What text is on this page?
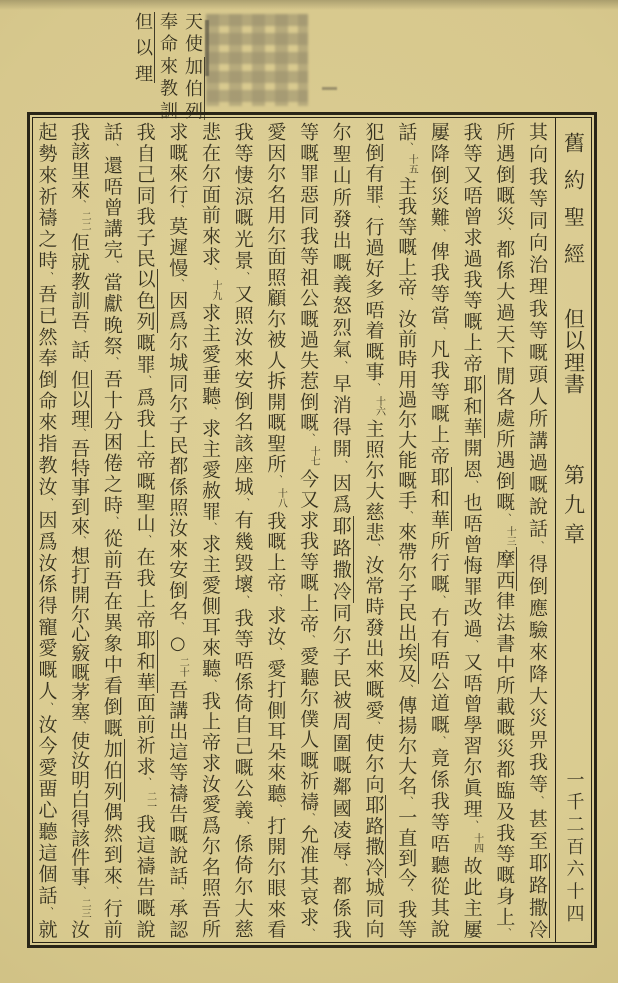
天使加伯列
奉命來教訓
但以理
其向我等同向治理我等嘅頭人所講過嘅說話、得倒應驗來降大災畀我等、甚至耶路撒冷
所遇倒嘅災、都係大過天下閒各處所遇倒嘅、十三摩西律法書中所載嘅災都臨及我等嘅身上、
我等又唔曾求過我等嘅上帝耶和華開恩、也唔曾悔罪改過、又唔曾學習尔眞理、十四故此主屢
屢降倒災難、俾我等當、凡我等嘅上帝耶和華所行嘅、冇有唔公道嘅、竟係我等唔聽從其說
話、十五主我等嘅上帝、汝前時用過尔大能嘅手、來帶尔子民出埃及、傳揚尔大名、一直到今、我等
犯倒有罪、行過好多唔着嘅事、十六主照尔大慈悲、汝常時發出來嘅愛、使尔向耶路撒冷城同向
尔聖山所發出嘅義怒烈氣、早消得開、因爲耶路撒冷同尔子民被周圍嘅鄰國凌辱、都係我
等嘅罪惡同我等祖公嘅過失惹倒嘅、十七今又求我等嘅上帝、愛聽尔僕人嘅祈禱、允准其哀求、
愛因尔名用尔面照顧尔被人拆開嘅聖所、十八我嘅上帝、求汝、愛打側耳朵來聽、打開尔眼來看
我等悽涼嘅光景、又照汝來安倒名該座城、有幾毀壞、我等唔係倚自己嘅公義、係倚尔大慈
悲在尔面前來求、十九求主愛垂聽、求主愛赦罪、求主愛側耳來聽、我上帝求汝愛爲尔名照吾所
求嘅來行、莫遲慢、因爲尔城同尔子民都係照汝來安倒名、○二十吾講出這等禱告嘅說話、承認
我自己同我子民以色列嘅罪、爲我上帝嘅聖山、在我上帝耶和華面前祈求、二一我這禱告嘅說
話、還唔曾講完、當獻晚祭、吾十分困倦之時、從前吾在異象中看倒嘅加伯列偶然到來、行前
我該里來、二二佢就教訓吾、話、但以理、吾特事到來、想打開尔心竅嘅茅塞、使汝明白得該件事、二三汝
起勢來祈禱之時、吾已然奉倒命來指教汝、因爲汝係得寵愛嘅人、汝今愛畱心聽這個話、就
舊約聖經
但以理書
第九章
一千二百六十四
